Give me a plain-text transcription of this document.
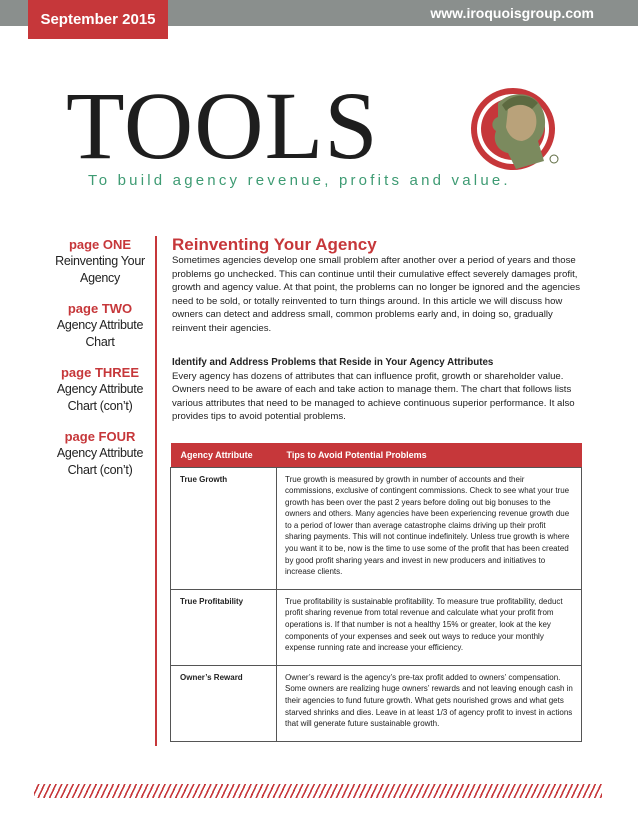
September 2015	www.iroquoisgroup.com
TOOLS
To build agency revenue, profits and value.
page ONE
Reinventing Your Agency
page TWO
Agency Attribute Chart
page THREE
Agency Attribute Chart (con’t)
page FOUR
Agency Attribute Chart (con’t)
Reinventing Your Agency

Sometimes agencies develop one small problem after another over a period of years and those problems go unchecked. This can continue until their cumulative effect severely damages profit, growth and agency value. At that point, the problems can no longer be ignored and the agencies need to be sold, or totally reinvented to turn things around. In this article we will discuss how owners can detect and address small, common problems early and, in doing so, gradually reinvent their agencies.

Identify and Address Problems that Reside in Your Agency Attributes

Every agency has dozens of attributes that can influence profit, growth or shareholder value. Owners need to be aware of each and take action to manage them. The chart that follows lists various attributes that need to be managed to achieve continuous superior performance. It also provides tips to avoid potential problems.

Agency Attribute	Tips to Avoid Potential Problems
True Growth	True growth is measured by growth in number of accounts and their commissions, exclusive of contingent commissions. Check to see what your true growth has been over the past 2 years before doling out big bonuses to the owners and others. Many agencies have been experiencing revenue growth due to a period of lower than average catastrophe claims driving up their profit sharing payments. This will not continue indefinitely. Unless true growth is where you want it to be, now is the time to use some of the profit that has been created by good profit sharing years and invest in new producers and initiatives to increase clients.
True Profitability	True profitability is sustainable profitability. To measure true profitability, deduct profit sharing revenue from total revenue and calculate what your profit from operations is. If that number is not a healthy 15% or greater, look at the key components of your expenses and seek out ways to reduce your monthly expense running rate and increase your efficiency.
Owner’s Reward	Owner’s reward is the agency’s pre-tax profit added to owners’ compensation. Some owners are realizing huge owners’ rewards and not leaving enough cash in their agencies to fund future growth. What gets nourished grows and what gets starved shrinks and dies. Leave in at least 1/3 of agency profit to invest in actions that will generate future sustainable growth.
